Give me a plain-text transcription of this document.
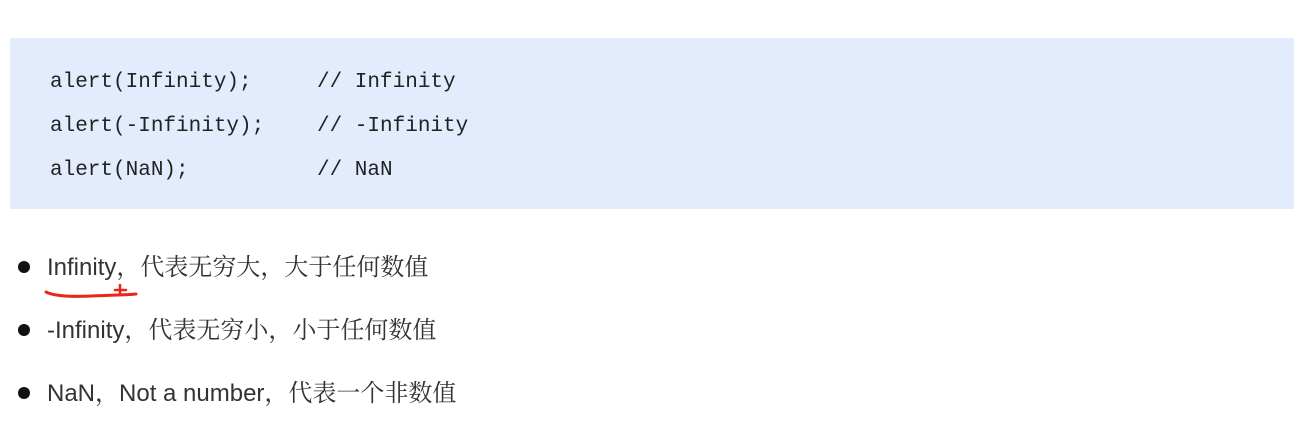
alert(Infinity);	// Infinity
alert(-Infinity);	// -Infinity
alert(NaN);	// NaN
Infinity，代表无穷大，大于任何数值
-Infinity，代表无穷小，小于任何数值
NaN，Not a number，代表一个非数值
